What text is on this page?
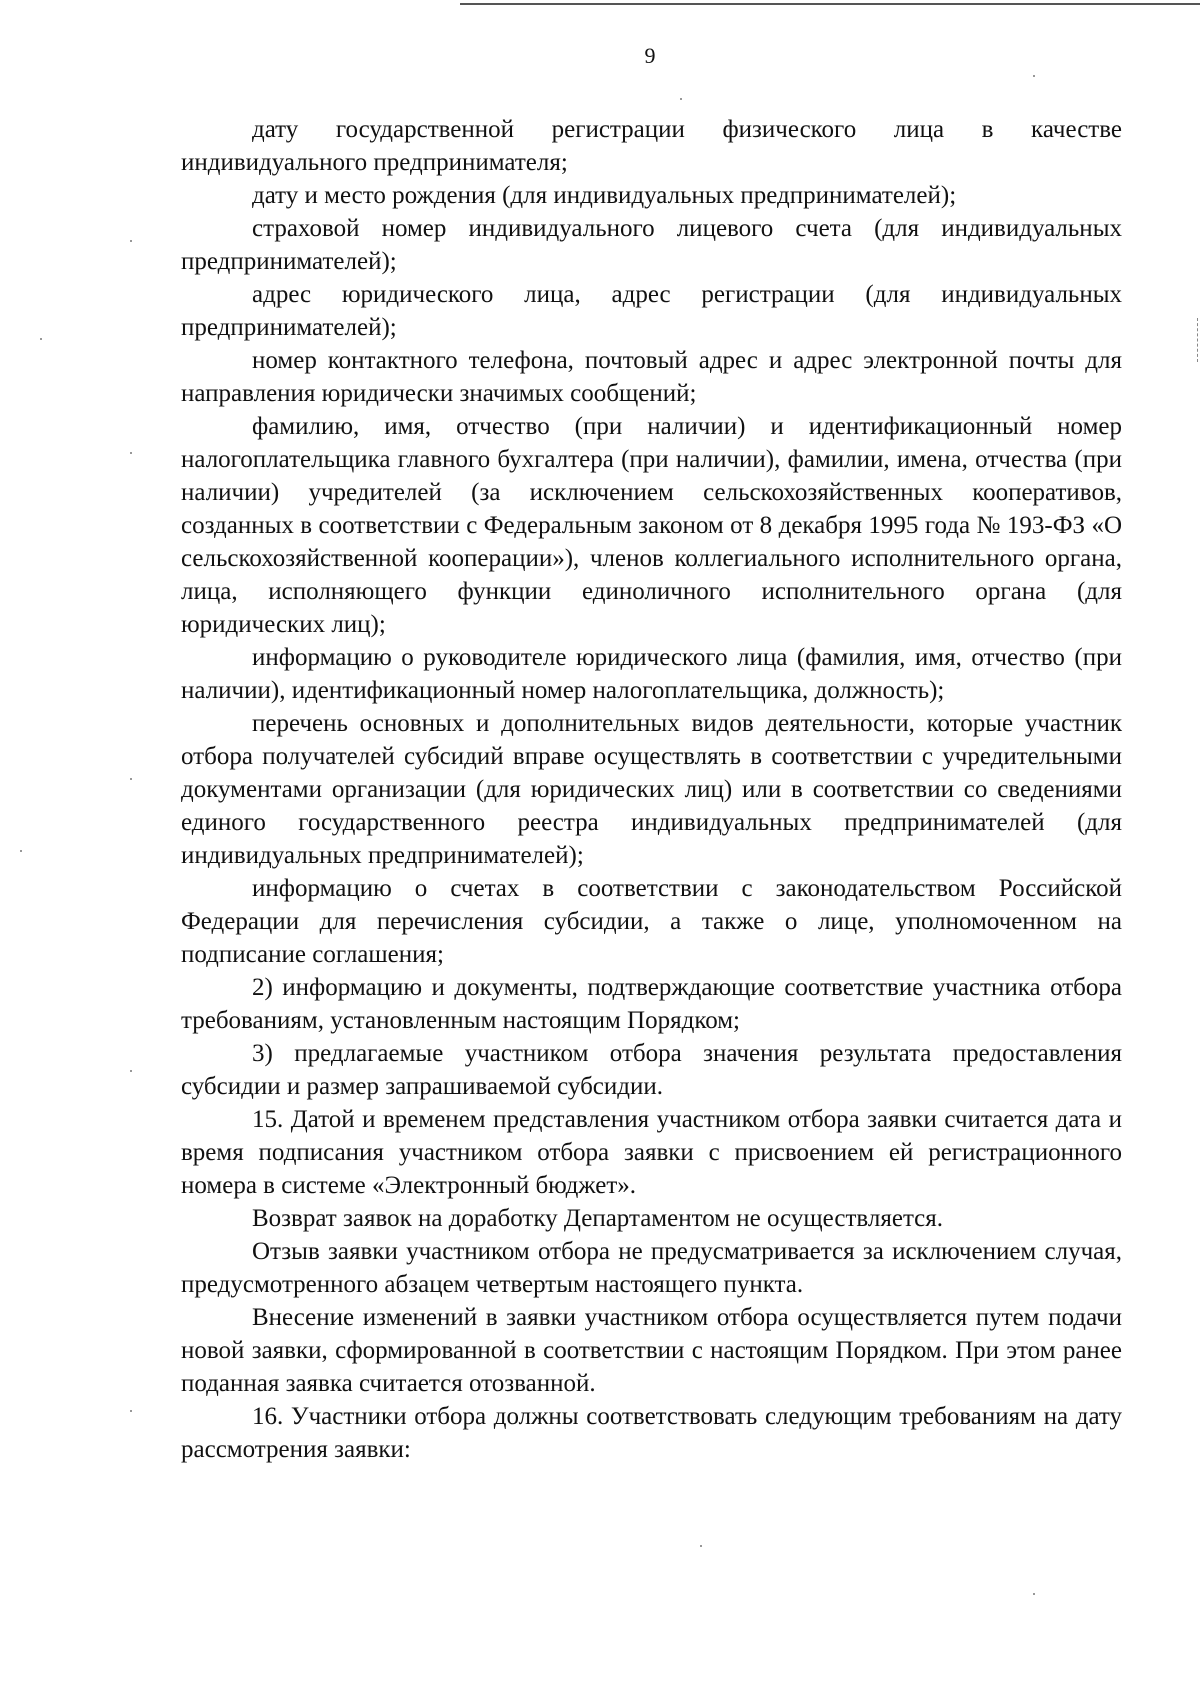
9

дату государственной регистрации физического лица в качестве индивидуального предпринимателя;

дату и место рождения (для индивидуальных предпринимателей);

страховой номер индивидуального лицевого счета (для индивидуальных предпринимателей);

адрес юридического лица, адрес регистрации (для индивидуальных предпринимателей);

номер контактного телефона, почтовый адрес и адрес электронной почты для направления юридически значимых сообщений;

фамилию, имя, отчество (при наличии) и идентификационный номер налогоплательщика главного бухгалтера (при наличии), фамилии, имена, отчества (при наличии) учредителей (за исключением сельскохозяйственных кооперативов, созданных в соответствии с Федеральным законом от 8 декабря 1995 года № 193-ФЗ «О сельскохозяйственной кооперации»), членов коллегиального исполнительного органа, лица, исполняющего функции единоличного исполнительного органа (для юридических лиц);

информацию о руководителе юридического лица (фамилия, имя, отчество (при наличии), идентификационный номер налогоплательщика, должность);

перечень основных и дополнительных видов деятельности, которые участник отбора получателей субсидий вправе осуществлять в соответствии с учредительными документами организации (для юридических лиц) или в соответствии со сведениями единого государственного реестра индивидуальных предпринимателей (для индивидуальных предпринимателей);

информацию о счетах в соответствии с законодательством Российской Федерации для перечисления субсидии, а также о лице, уполномоченном на подписание соглашения;

2) информацию и документы, подтверждающие соответствие участника отбора требованиям, установленным настоящим Порядком;

3) предлагаемые участником отбора значения результата предоставления субсидии и размер запрашиваемой субсидии.

15. Датой и временем представления участником отбора заявки считается дата и время подписания участником отбора заявки с присвоением ей регистрационного номера в системе «Электронный бюджет».

Возврат заявок на доработку Департаментом не осуществляется.

Отзыв заявки участником отбора не предусматривается за исключением случая, предусмотренного абзацем четвертым настоящего пункта.

Внесение изменений в заявки участником отбора осуществляется путем подачи новой заявки, сформированной в соответствии с настоящим Порядком. При этом ранее поданная заявка считается отозванной.

16. Участники отбора должны соответствовать следующим требованиям на дату рассмотрения заявки:
